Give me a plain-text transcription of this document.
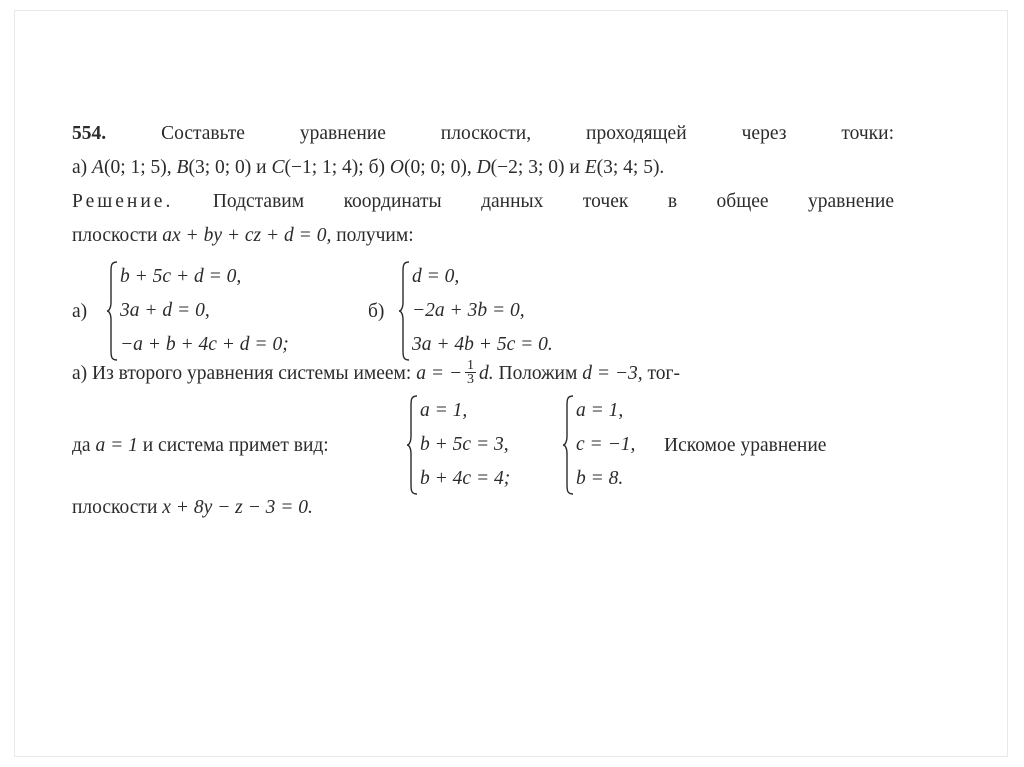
554.	Составьте уравнение плоскости, проходящей через точки:
а) A(0; 1; 5), B(3; 0; 0) и C(−1; 1; 4); б) O(0; 0; 0), D(−2; 3; 0) и E(3; 4; 5).
Решение. Подставим координаты данных точек в общее уравнение
плоскости ax + by + cz + d = 0, получим:
а)
b + 5c + d = 0,
3a + d = 0,
−a + b + 4c + d = 0;
б)
d = 0,
−2a + 3b = 0,
3a + 4b + 5c = 0.
а) Из второго уравнения системы имеем: a = − $\frac{1}{3} d$. Положим d = −3, тог-
да a = 1 и система примет вид:
a = 1,
b + 5c = 3,
b + 4c = 4;
a = 1,
c = −1,
b = 8.
Искомое уравнение
плоскости x + 8y − z − 3 = 0.
